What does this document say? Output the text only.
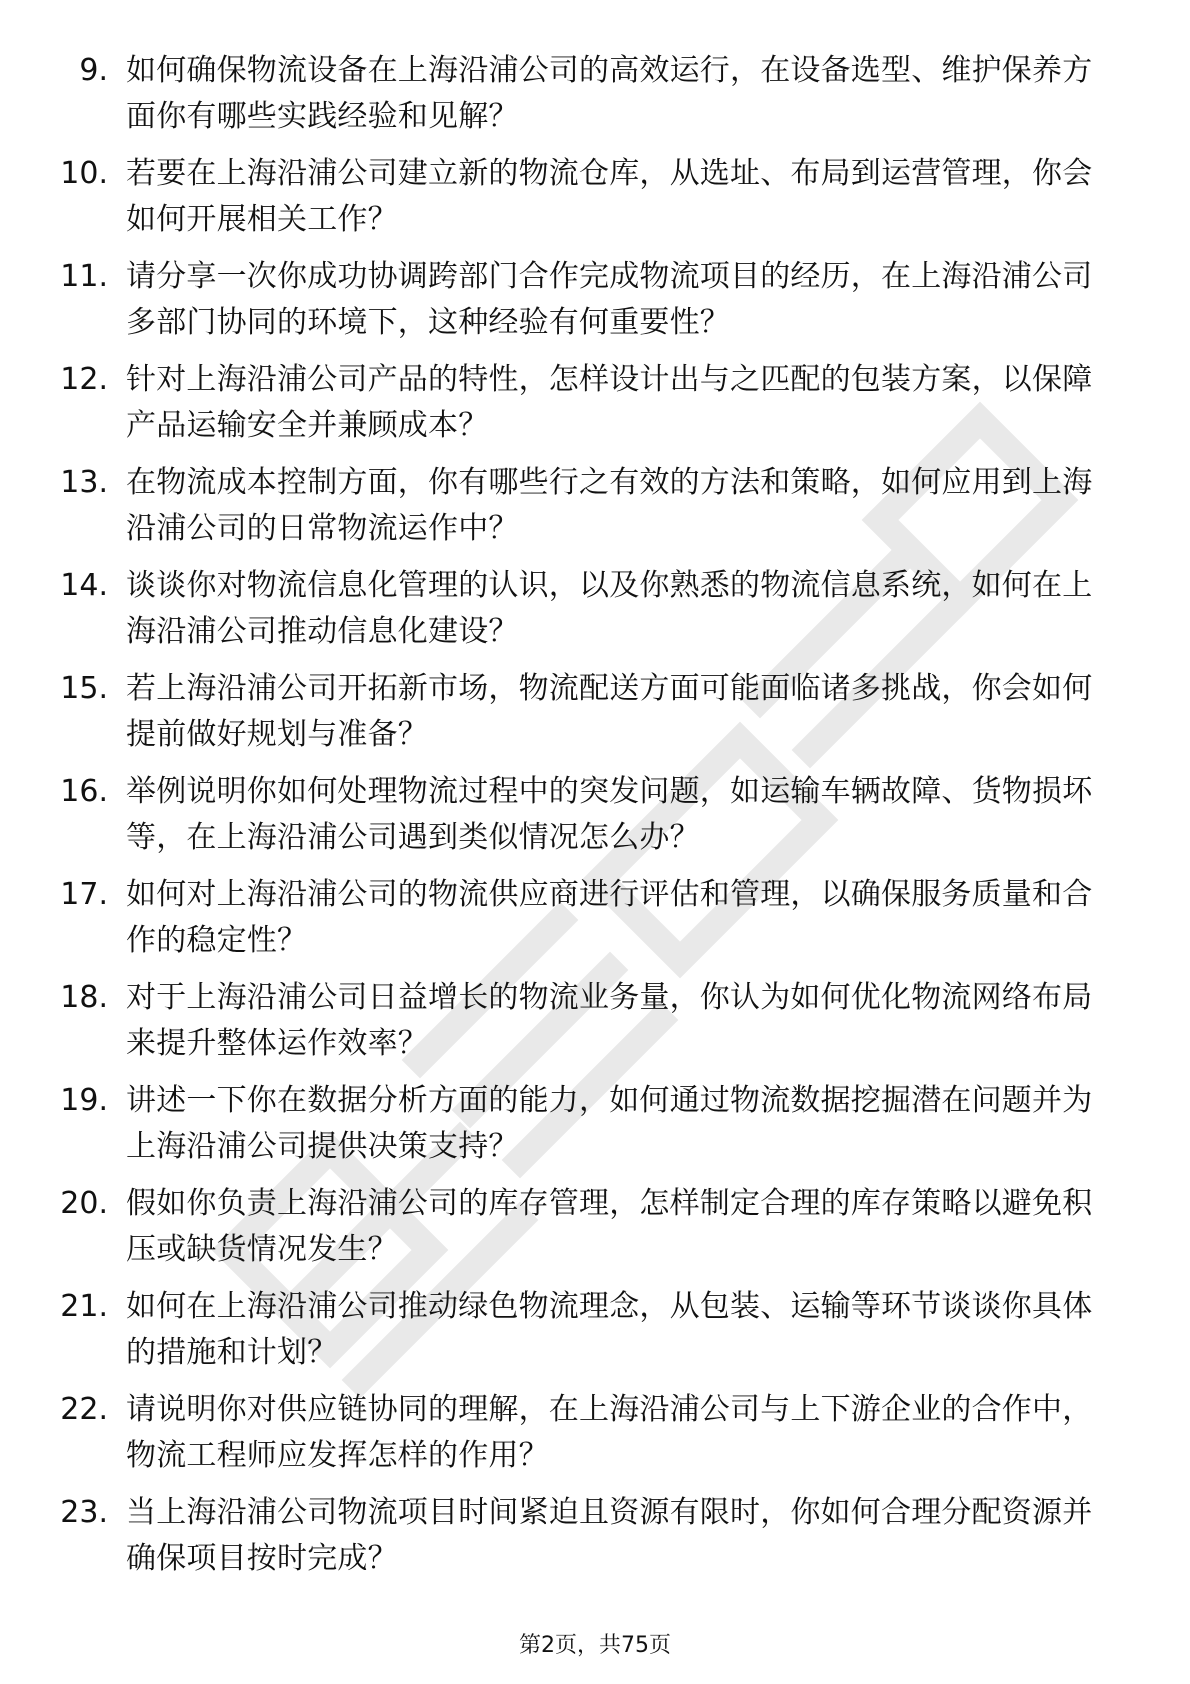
9. 如何确保物流设备在上海沿浦公司的高效运行，在设备选型、维护保养方面你有哪些实践经验和见解？
10. 若要在上海沿浦公司建立新的物流仓库，从选址、布局到运营管理，你会如何开展相关工作？
11. 请分享一次你成功协调跨部门合作完成物流项目的经历，在上海沿浦公司多部门协同的环境下，这种经验有何重要性？
12. 针对上海沿浦公司产品的特性，怎样设计出与之匹配的包装方案，以保障产品运输安全并兼顾成本？
13. 在物流成本控制方面，你有哪些行之有效的方法和策略，如何应用到上海沿浦公司的日常物流运作中？
14. 谈谈你对物流信息化管理的认识，以及你熟悉的物流信息系统，如何在上海沿浦公司推动信息化建设？
15. 若上海沿浦公司开拓新市场，物流配送方面可能面临诸多挑战，你会如何提前做好规划与准备？
16. 举例说明你如何处理物流过程中的突发问题，如运输车辆故障、货物损坏等，在上海沿浦公司遇到类似情况怎么办？
17. 如何对上海沿浦公司的物流供应商进行评估和管理，以确保服务质量和合作的稳定性？
18. 对于上海沿浦公司日益增长的物流业务量，你认为如何优化物流网络布局来提升整体运作效率？
19. 讲述一下你在数据分析方面的能力，如何通过物流数据挖掘潜在问题并为上海沿浦公司提供决策支持？
20. 假如你负责上海沿浦公司的库存管理，怎样制定合理的库存策略以避免积压或缺货情况发生？
21. 如何在上海沿浦公司推动绿色物流理念，从包装、运输等环节谈谈你具体的措施和计划？
22. 请说明你对供应链协同的理解，在上海沿浦公司与上下游企业的合作中，物流工程师应发挥怎样的作用？
23. 当上海沿浦公司物流项目时间紧迫且资源有限时，你如何合理分配资源并确保项目按时完成？
第2页，共75页
